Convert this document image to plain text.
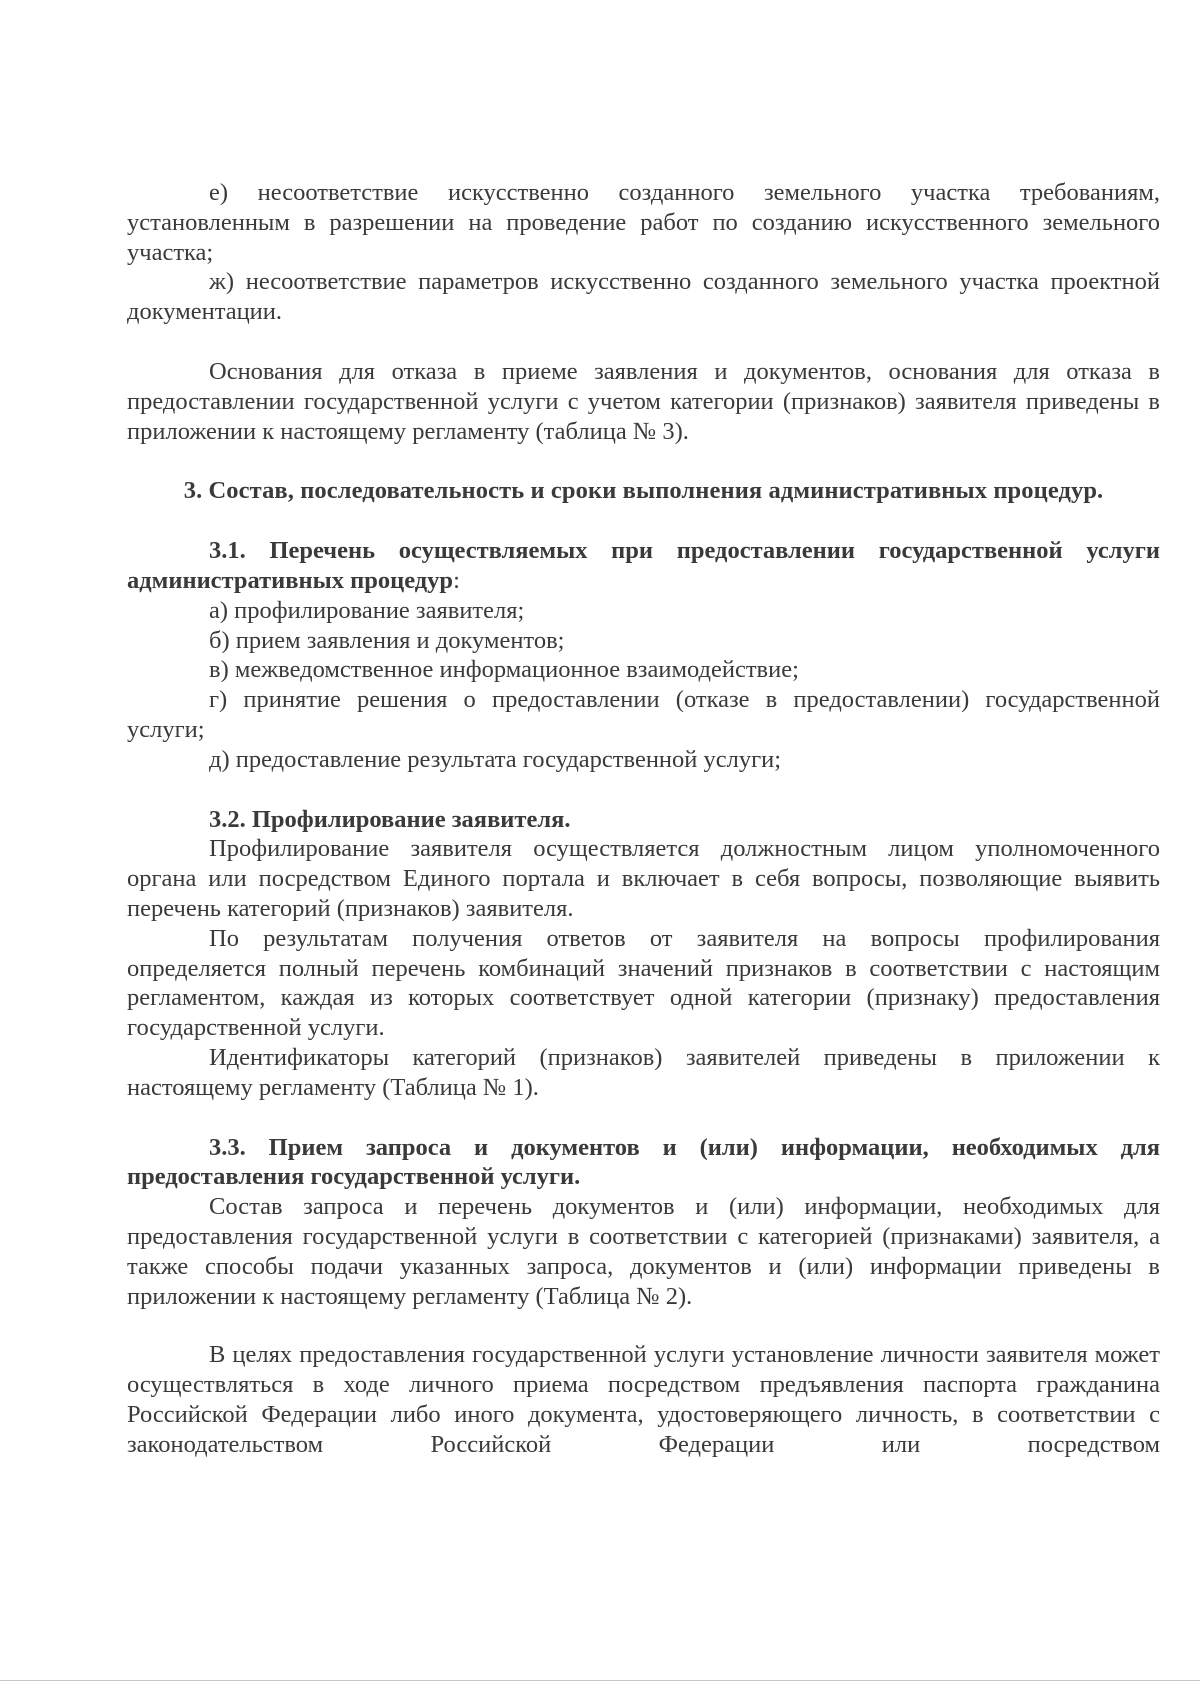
е) несоответствие искусственно созданного земельного участка требованиям, установленным в разрешении на проведение работ по созданию искусственного земельного участка;

ж) несоответствие параметров искусственно созданного земельного участка проектной документации.

Основания для отказа в приеме заявления и документов, основания для отказа в предоставлении государственной услуги с учетом категории (признаков) заявителя приведены в приложении к настоящему регламенту (таблица № 3).

3. Состав, последовательность и сроки выполнения административных процедур.

3.1. Перечень осуществляемых при предоставлении государственной услуги административных процедур:

а) профилирование заявителя;

б) прием заявления и документов;

в) межведомственное информационное взаимодействие;

г) принятие решения о предоставлении (отказе в предоставлении) государственной услуги;

д) предоставление результата государственной услуги;

3.2. Профилирование заявителя.

Профилирование заявителя осуществляется должностным лицом уполномоченного органа или посредством Единого портала и включает в себя вопросы, позволяющие выявить перечень категорий (признаков) заявителя.

По результатам получения ответов от заявителя на вопросы профилирования определяется полный перечень комбинаций значений признаков в соответствии с настоящим регламентом, каждая из которых соответствует одной категории (признаку) предоставления государственной услуги.

Идентификаторы категорий (признаков) заявителей приведены в приложении к настоящему регламенту (Таблица № 1).

3.3. Прием запроса и документов и (или) информации, необходимых для предоставления государственной услуги.

Состав запроса и перечень документов и (или) информации, необходимых для предоставления государственной услуги в соответствии с категорией (признаками) заявителя, а также способы подачи указанных запроса, документов и (или) информации приведены в приложении к настоящему регламенту (Таблица № 2).

В целях предоставления государственной услуги установление личности заявителя может осуществляться в ходе личного приема посредством предъявления паспорта гражданина Российской Федерации либо иного документа, удостоверяющего личность, в соответствии с законодательством Российской Федерации или посредством
